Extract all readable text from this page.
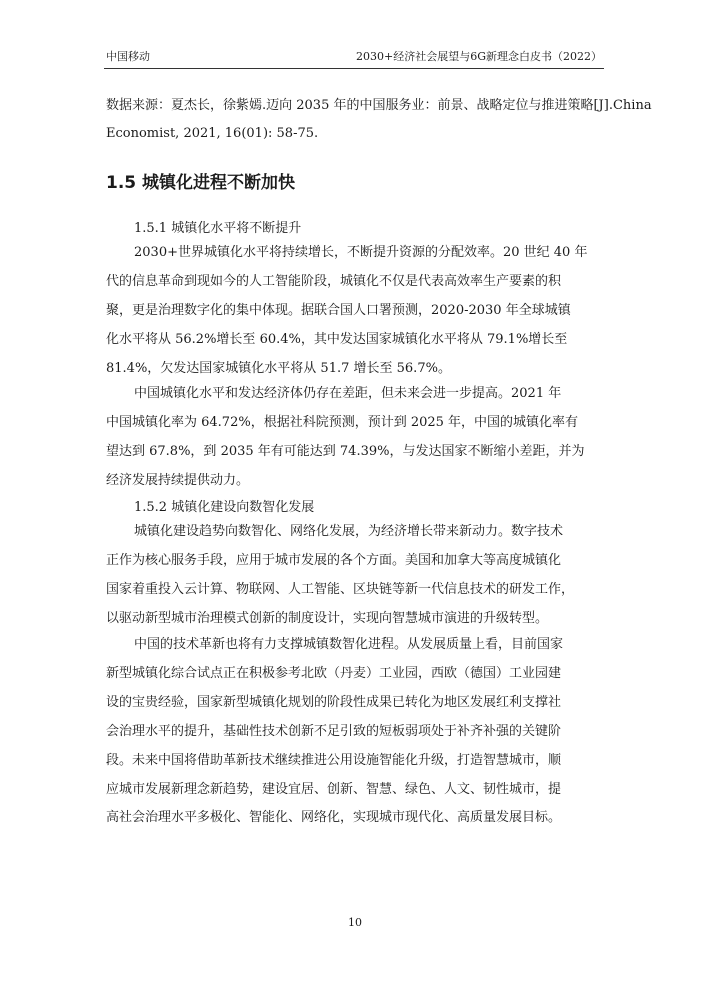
中国移动	2030+经济社会展望与6G新理念白皮书（2022）
数据来源：夏杰长，徐紫嫣.迈向 2035 年的中国服务业：前景、战略定位与推进策略[J].China
Economist, 2021, 16(01): 58-75.
1.5 城镇化进程不断加快
1.5.1 城镇化水平将不断提升
2030+世界城镇化水平将持续增长，不断提升资源的分配效率。20 世纪 40 年
代的信息革命到现如今的人工智能阶段，城镇化不仅是代表高效率生产要素的积
聚，更是治理数字化的集中体现。据联合国人口署预测，2020-2030 年全球城镇
化水平将从 56.2%增长至 60.4%，其中发达国家城镇化水平将从 79.1%增长至
81.4%，欠发达国家城镇化水平将从 51.7 增长至 56.7%。
中国城镇化水平和发达经济体仍存在差距，但未来会进一步提高。2021 年
中国城镇化率为 64.72%，根据社科院预测，预计到 2025 年，中国的城镇化率有
望达到 67.8%，到 2035 年有可能达到 74.39%，与发达国家不断缩小差距，并为
经济发展持续提供动力。
1.5.2 城镇化建设向数智化发展
城镇化建设趋势向数智化、网络化发展，为经济增长带来新动力。数字技术
正作为核心服务手段，应用于城市发展的各个方面。美国和加拿大等高度城镇化
国家着重投入云计算、物联网、人工智能、区块链等新一代信息技术的研发工作，
以驱动新型城市治理模式创新的制度设计，实现向智慧城市演进的升级转型。
中国的技术革新也将有力支撑城镇数智化进程。从发展质量上看，目前国家
新型城镇化综合试点正在积极参考北欧（丹麦）工业园，西欧（德国）工业园建
设的宝贵经验，国家新型城镇化规划的阶段性成果已转化为地区发展红利支撑社
会治理水平的提升，基础性技术创新不足引致的短板弱项处于补齐补强的关键阶
段。未来中国将借助革新技术继续推进公用设施智能化升级，打造智慧城市，顺
应城市发展新理念新趋势，建设宜居、创新、智慧、绿色、人文、韧性城市，提
高社会治理水平多极化、智能化、网络化，实现城市现代化、高质量发展目标。
10
